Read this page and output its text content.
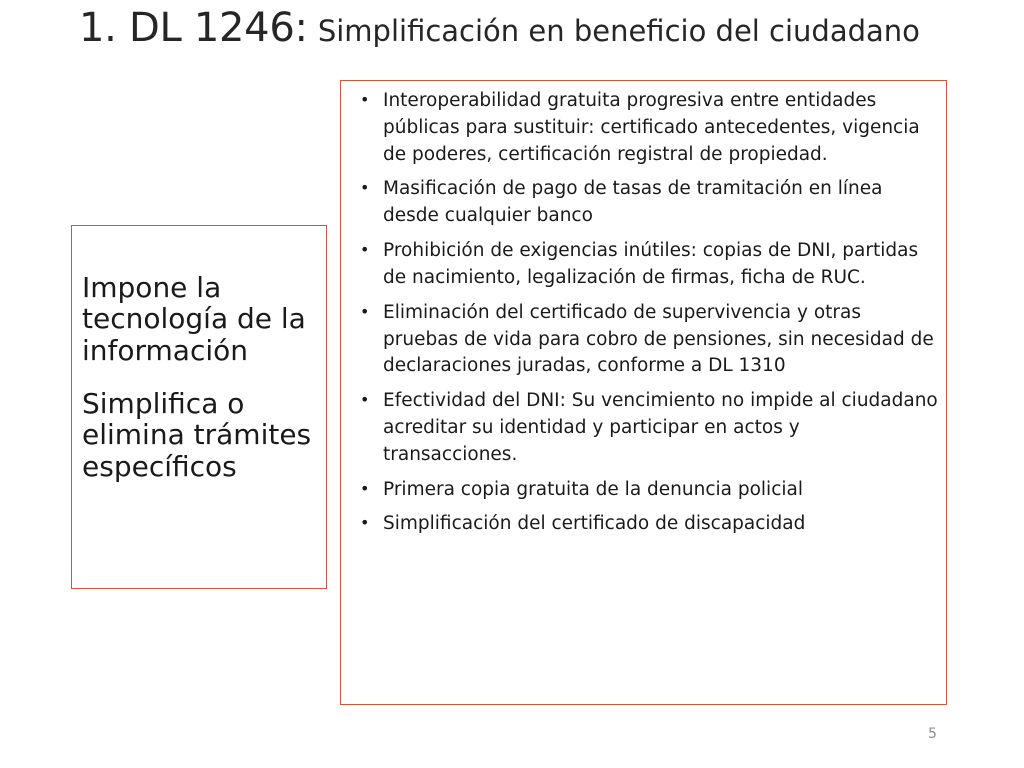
1. DL 1246: Simplificación en beneficio del ciudadano

Impone la tecnología de la información

Simplifica o elimina trámites específicos

• Interoperabilidad gratuita progresiva entre entidades públicas para sustituir: certificado antecedentes, vigencia de poderes, certificación registral de propiedad.
• Masificación de pago de tasas de tramitación en línea desde cualquier banco
• Prohibición de exigencias inútiles: copias de DNI, partidas de nacimiento, legalización de firmas, ficha de RUC.
• Eliminación del certificado de supervivencia y otras pruebas de vida para cobro de pensiones, sin necesidad de declaraciones juradas, conforme a DL 1310
• Efectividad del DNI: Su vencimiento no impide al ciudadano acreditar su identidad y participar en actos y transacciones.
• Primera copia gratuita de la denuncia policial
• Simplificación del certificado de discapacidad
5
